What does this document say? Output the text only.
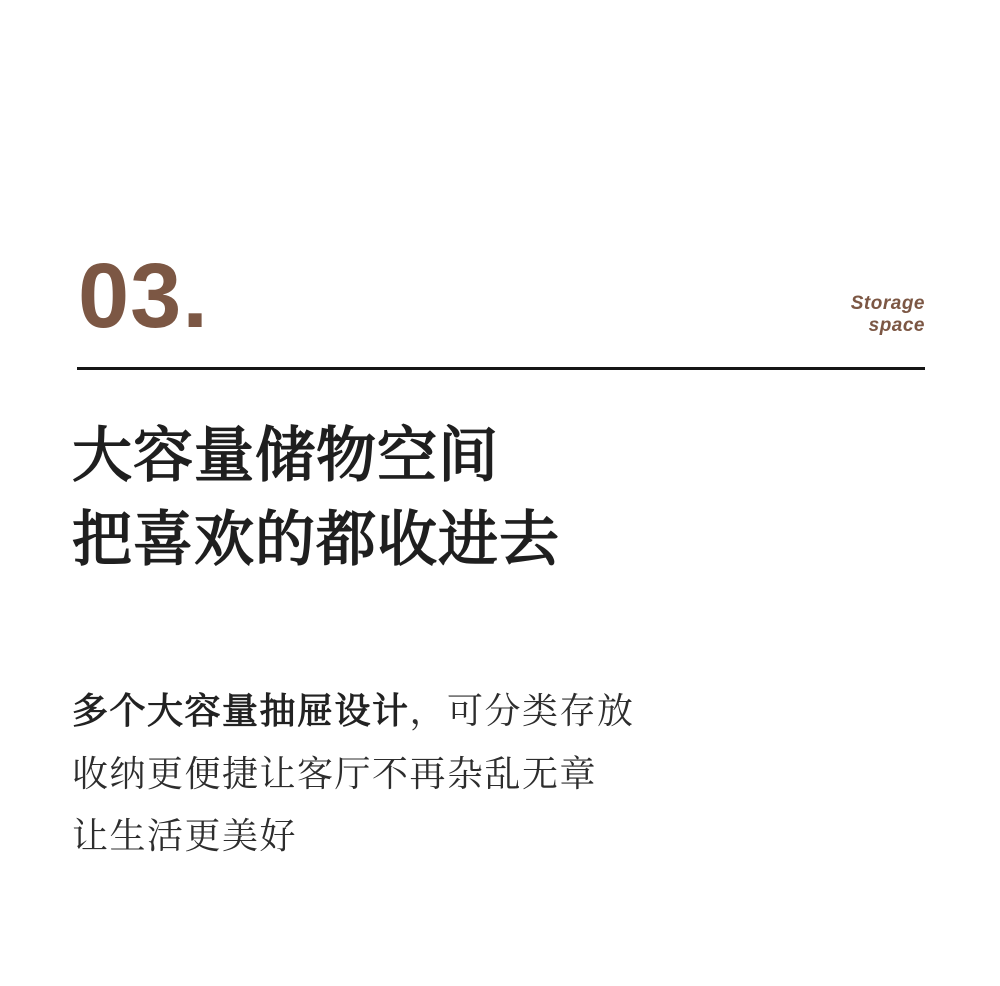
03.	Storage
space
大容量储物空间
把喜欢的都收进去
多个大容量抽屉设计，可分类存放
收纳更便捷让客厅不再杂乱无章
让生活更美好
